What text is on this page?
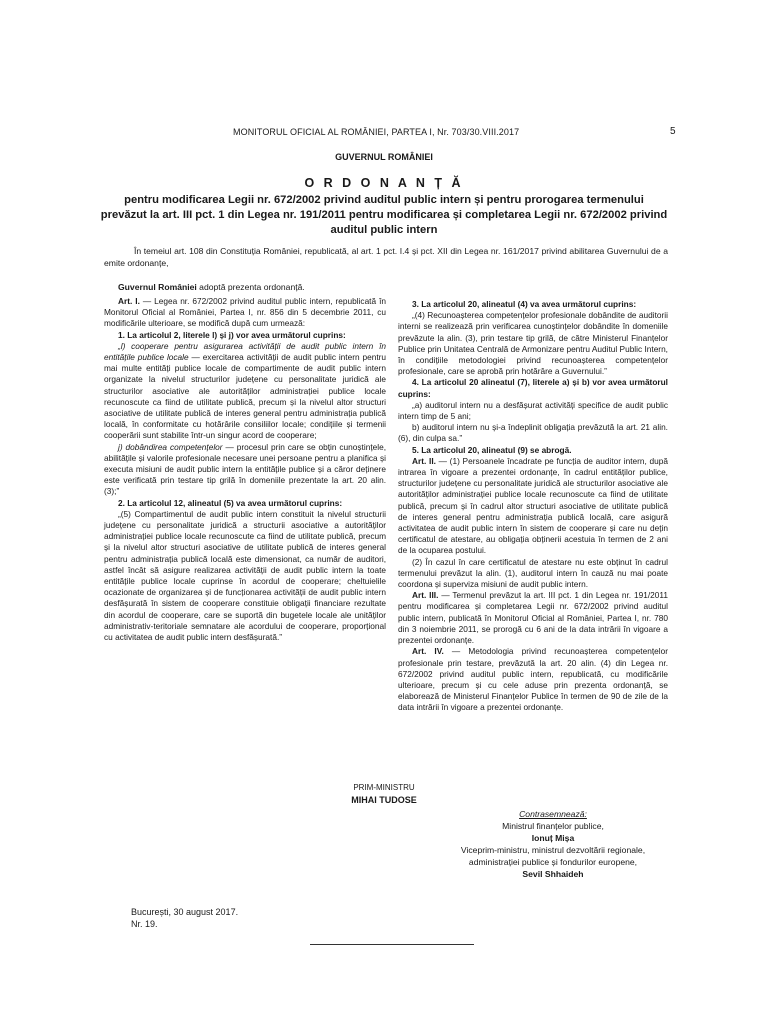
MONITORUL OFICIAL AL ROMÂNIEI, PARTEA I, Nr. 703/30.VIII.2017	5
GUVERNUL ROMÂNIEI
O R D O N A N Ț Ă
pentru modificarea Legii nr. 672/2002 privind auditul public intern și pentru prorogarea termenului prevăzut la art. III pct. 1 din Legea nr. 191/2011 pentru modificarea și completarea Legii nr. 672/2002 privind auditul public intern
În temeiul art. 108 din Constituția României, republicată, al art. 1 pct. I.4 și pct. XII din Legea nr. 161/2017 privind abilitarea Guvernului de a emite ordonanțe,
Guvernul României adoptă prezenta ordonanță.

Art. I. — Legea nr. 672/2002 privind auditul public intern, republicată în Monitorul Oficial al României, Partea I, nr. 856 din 5 decembrie 2011, cu modificările ulterioare, se modifică după cum urmează:

1. La articolul 2, literele l) și j) vor avea următorul cuprins:

„l) cooperare pentru asigurarea activității de audit public intern în entitățile publice locale — exercitarea activității de audit public intern pentru mai multe entități publice locale de compartimente de audit public intern organizate la nivelul structurilor județene cu personalitate juridică ale structurilor asociative ale autorităților administrației publice locale recunoscute ca fiind de utilitate publică, precum și la nivelul altor structuri asociative de utilitate publică de interes general pentru administrația publică locală, în conformitate cu hotărârile consiliilor locale; condițiile și termenii cooperării sunt stabilite într-un singur acord de cooperare;

j) dobândirea competențelor — procesul prin care se obțin cunoștințele, abilitățile și valorile profesionale necesare unei persoane pentru a planifica și executa misiuni de audit public intern la entitățile publice și a căror deținere este verificată prin testare tip grilă în domeniile prezentate la art. 20 alin. (3);”

2. La articolul 12, alineatul (5) va avea următorul cuprins:

„(5) Compartimentul de audit public intern constituit la nivelul structurii județene cu personalitate juridică a structurii asociative a autorităților administrației publice locale recunoscute ca fiind de utilitate publică, precum și la nivelul altor structuri asociative de utilitate publică de interes general pentru administrația publică locală este dimensionat, ca număr de auditori, astfel încât să asigure realizarea activității de audit public intern la toate entitățile publice locale cuprinse în acordul de cooperare; cheltuielile ocazionate de organizarea și de funcționarea activității de audit public intern desfășurată în sistem de cooperare constituie obligații financiare rezultate din acordul de cooperare, care se suportă din bugetele locale ale unităților administrativ-teritoriale semnatare ale acordului de cooperare, proporțional cu activitatea de audit public intern desfășurată.”

3. La articolul 20, alineatul (4) va avea următorul cuprins:

„(4) Recunoașterea competențelor profesionale dobândite de auditorii interni se realizează prin verificarea cunoștințelor dobândite în domeniile prevăzute la alin. (3), prin testare tip grilă, de către Ministerul Finanțelor Publice prin Unitatea Centrală de Armonizare pentru Auditul Public Intern, în condițiile metodologiei privind recunoașterea competențelor profesionale, care se aprobă prin hotărâre a Guvernului.”

4. La articolul 20 alineatul (7), literele a) și b) vor avea următorul cuprins:

„a) auditorul intern nu a desfășurat activități specifice de audit public intern timp de 5 ani;

b) auditorul intern nu și-a îndeplinit obligația prevăzută la art. 21 alin. (6), din culpa sa.”

5. La articolul 20, alineatul (9) se abrogă.

Art. II. — (1) Persoanele încadrate pe funcția de auditor intern, după intrarea în vigoare a prezentei ordonanțe, în cadrul entităților publice, structurilor județene cu personalitate juridică ale structurilor asociative ale autorităților administrației publice locale recunoscute ca fiind de utilitate publică, precum și în cadrul altor structuri asociative de utilitate publică de interes general pentru administrația publică locală, care asigură activitatea de audit public intern în sistem de cooperare și care nu dețin certificatul de atestare, au obligația obținerii acestuia în termen de 2 ani de la ocuparea postului.

(2) În cazul în care certificatul de atestare nu este obținut în cadrul termenului prevăzut la alin. (1), auditorul intern în cauză nu mai poate coordona și superviza misiuni de audit public intern.

Art. III. — Termenul prevăzut la art. III pct. 1 din Legea nr. 191/2011 pentru modificarea și completarea Legii nr. 672/2002 privind auditul public intern, publicată în Monitorul Oficial al României, Partea I, nr. 780 din 3 noiembrie 2011, se prorogă cu 6 ani de la data intrării în vigoare a prezentei ordonanțe.

Art. IV. — Metodologia privind recunoașterea competențelor profesionale prin testare, prevăzută la art. 20 alin. (4) din Legea nr. 672/2002 privind auditul public intern, republicată, cu modificările ulterioare, precum și cu cele aduse prin prezenta ordonanță, se elaborează de Ministerul Finanțelor Publice în termen de 90 de zile de la data intrării în vigoare a prezentei ordonanțe.

PRIM-MINISTRU
MIHAI TUDOSE
Contrasemnează:
Ministrul finanțelor publice,
Ionuț Mișa
Viceprim-ministru, ministrul dezvoltării regionale,
administrației publice și fondurilor europene,
Sevil Shhaideh
București, 30 august 2017.
Nr. 19.
